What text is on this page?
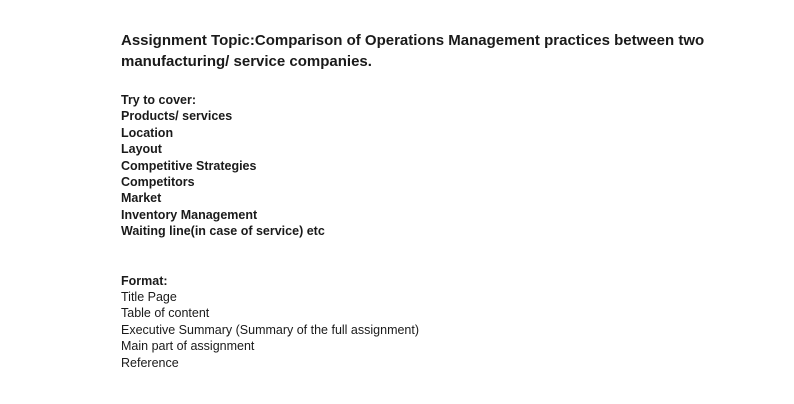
Assignment Topic:Comparison of Operations Management practices between two manufacturing/ service companies.

Try to cover:

Products/ services
Location
Layout
Competitive Strategies
Competitors
Market
Inventory Management
Waiting line(in case of service) etc

Format:

Title Page
Table of content
Executive Summary (Summary of the full assignment)
Main part of assignment
Reference
